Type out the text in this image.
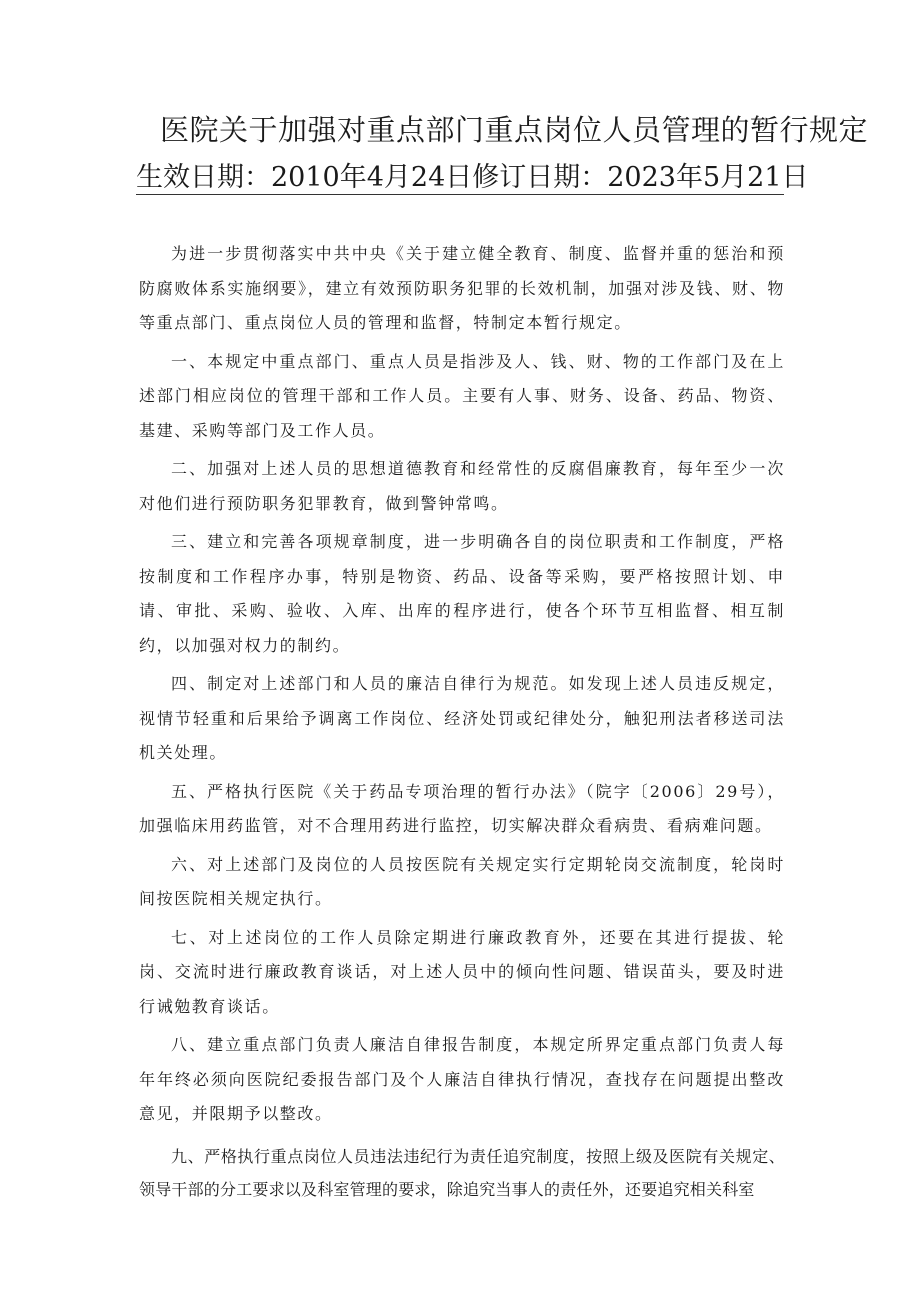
医院关于加强对重点部门重点岗位人员管理的暂行规定
生效日期：2010年4月24日修订日期：2023年5月21日

为进一步贯彻落实中共中央《关于建立健全教育、制度、监督并重的惩治和预防腐败体系实施纲要》，建立有效预防职务犯罪的长效机制，加强对涉及钱、财、物等重点部门、重点岗位人员的管理和监督，特制定本暂行规定。

一、本规定中重点部门、重点人员是指涉及人、钱、财、物的工作部门及在上述部门相应岗位的管理干部和工作人员。主要有人事、财务、设备、药品、物资、基建、采购等部门及工作人员。

二、加强对上述人员的思想道德教育和经常性的反腐倡廉教育，每年至少一次对他们进行预防职务犯罪教育，做到警钟常鸣。

三、建立和完善各项规章制度，进一步明确各自的岗位职责和工作制度，严格按制度和工作程序办事，特别是物资、药品、设备等采购，要严格按照计划、申请、审批、采购、验收、入库、出库的程序进行，使各个环节互相监督、相互制约，以加强对权力的制约。

四、制定对上述部门和人员的廉洁自律行为规范。如发现上述人员违反规定，视情节轻重和后果给予调离工作岗位、经济处罚或纪律处分，触犯刑法者移送司法机关处理。

五、严格执行医院《关于药品专项治理的暂行办法》（院字〔2006〕29号），加强临床用药监管，对不合理用药进行监控，切实解决群众看病贵、看病难问题。

六、对上述部门及岗位的人员按医院有关规定实行定期轮岗交流制度，轮岗时间按医院相关规定执行。

七、对上述岗位的工作人员除定期进行廉政教育外，还要在其进行提拔、轮岗、交流时进行廉政教育谈话，对上述人员中的倾向性问题、错误苗头，要及时进行诫勉教育谈话。

八、建立重点部门负责人廉洁自律报告制度，本规定所界定重点部门负责人每年年终必须向医院纪委报告部门及个人廉洁自律执行情况，查找存在问题提出整改意见，并限期予以整改。

九、严格执行重点岗位人员违法违纪行为责任追究制度，按照上级及医院有关规定、领导干部的分工要求以及科室管理的要求，除追究当事人的责任外，还要追究相关科室
